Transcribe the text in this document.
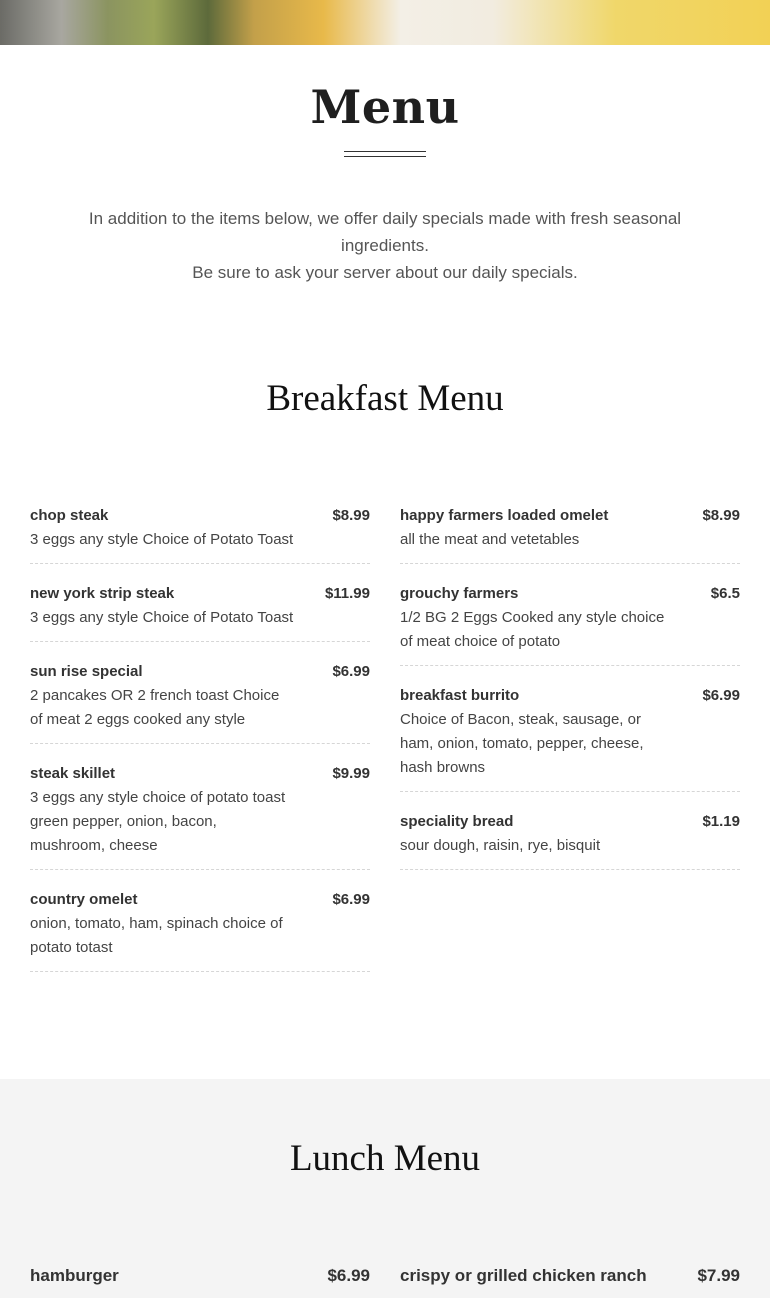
Menu

In addition to the items below, we offer daily specials made with fresh seasonal ingredients.

Be sure to ask your server about our daily specials.

Breakfast Menu
chop steak	$8.99
3 eggs any style Choice of Potato Toast
new york strip steak	$11.99
3 eggs any style Choice of Potato Toast
sun rise special	$6.99
2 pancakes OR 2 french toast Choice of meat 2 eggs cooked any style
steak skillet	$9.99
3 eggs any style choice of potato toast green pepper, onion, bacon, mushroom, cheese
country omelet	$6.99
onion, tomato, ham, spinach choice of potato totast
happy farmers loaded omelet	$8.99
all the meat and vetetables
grouchy farmers	$6.5
1/2 BG 2 Eggs Cooked any style choice of meat choice of potato
breakfast burrito	$6.99
Choice of Bacon, steak, sausage, or ham, onion, tomato, pepper, cheese, hash browns
speciality bread	$1.19
sour dough, raisin, rye, bisquit
Lunch Menu
hamburger	$6.99 crispy or grilled chicken ranch	$7.99
